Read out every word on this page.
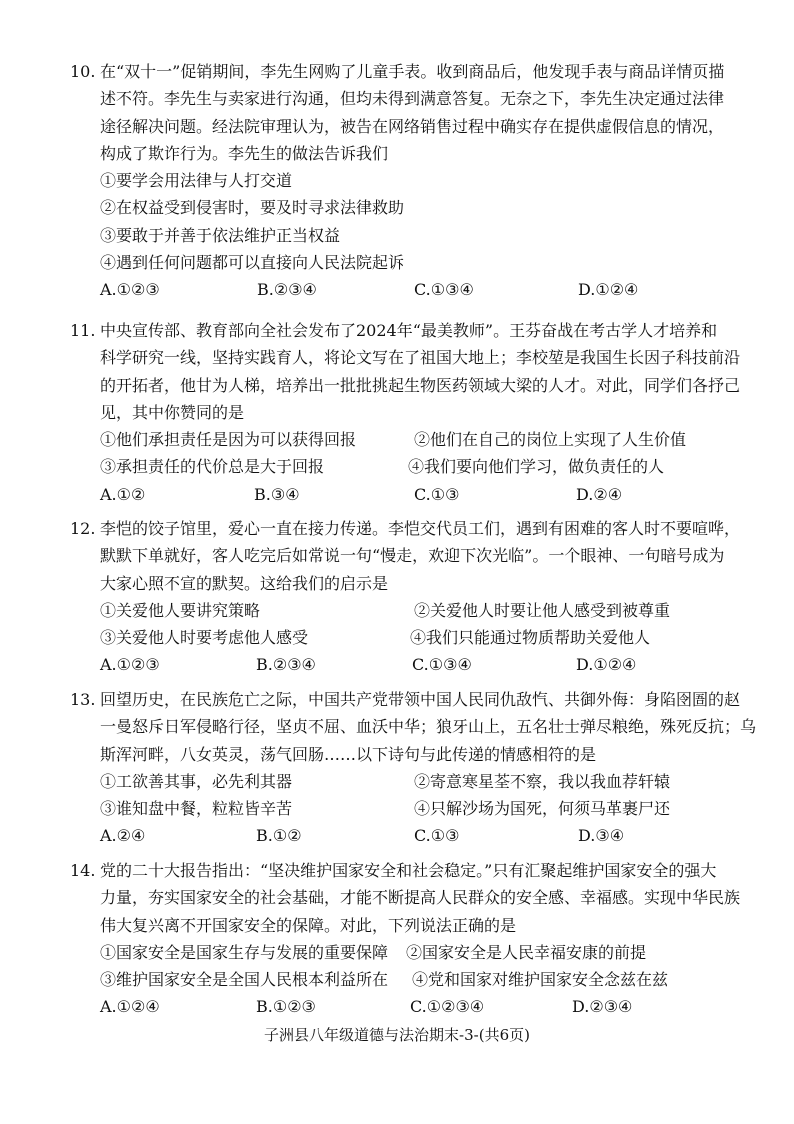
10. 在“双十一”促销期间，李先生网购了儿童手表。收到商品后，他发现手表与商品详情页描
述不符。李先生与卖家进行沟通，但均未得到满意答复。无奈之下，李先生决定通过法律
途径解决问题。经法院审理认为，被告在网络销售过程中确实存在提供虚假信息的情况，
构成了欺诈行为。李先生的做法告诉我们
①要学会用法律与人打交道
②在权益受到侵害时，要及时寻求法律救助
③要敢于并善于依法维护正当权益
④遇到任何问题都可以直接向人民法院起诉
A.①②③	B.②③④	C.①③④	D.①②④
11. 中央宣传部、教育部向全社会发布了2024年“最美教师”。王芬奋战在考古学人才培养和
科学研究一线，坚持实践育人，将论文写在了祖国大地上；李校堃是我国生长因子科技前沿
的开拓者，他甘为人梯，培养出一批批挑起生物医药领域大梁的人才。对此，同学们各抒己
见，其中你赞同的是
①他们承担责任是因为可以获得回报	②他们在自己的岗位上实现了人生价值
③承担责任的代价总是大于回报	④我们要向他们学习，做负责任的人
A.①②	B.③④	C.①③	D.②④
12. 李恺的饺子馆里，爱心一直在接力传递。李恺交代员工们，遇到有困难的客人时不要喧哗，
默默下单就好，客人吃完后如常说一句“慢走，欢迎下次光临”。一个眼神、一句暗号成为
大家心照不宣的默契。这给我们的启示是
①关爱他人要讲究策略	②关爱他人时要让他人感受到被尊重
③关爱他人时要考虑他人感受	④我们只能通过物质帮助关爱他人
A.①②③	B.②③④	C.①③④	D.①②④
13. 回望历史，在民族危亡之际，中国共产党带领中国人民同仇敌忾、共御外侮：身陷囹圄的赵
一曼怒斥日军侵略行径，坚贞不屈、血沃中华；狼牙山上，五名壮士弹尽粮绝，殊死反抗；乌
斯浑河畔，八女英灵，荡气回肠……以下诗句与此传递的情感相符的是
①工欲善其事，必先利其器	②寄意寒星荃不察，我以我血荐轩辕
③谁知盘中餐，粒粒皆辛苦	④只解沙场为国死，何须马革裹尸还
A.②④	B.①②	C.①③	D.③④
14. 党的二十大报告指出：“坚决维护国家安全和社会稳定。”只有汇聚起维护国家安全的强大
力量，夯实国家安全的社会基础，才能不断提高人民群众的安全感、幸福感。实现中华民族
伟大复兴离不开国家安全的保障。对此，下列说法正确的是
①国家安全是国家生存与发展的重要保障 ②国家安全是人民幸福安康的前提
③维护国家安全是全国人民根本利益所在 ④党和国家对维护国家安全念兹在兹
A.①②④	B.①②③	C.①②③④	D.②③④
子洲县八年级道德与法治期末-3-(共6页)
